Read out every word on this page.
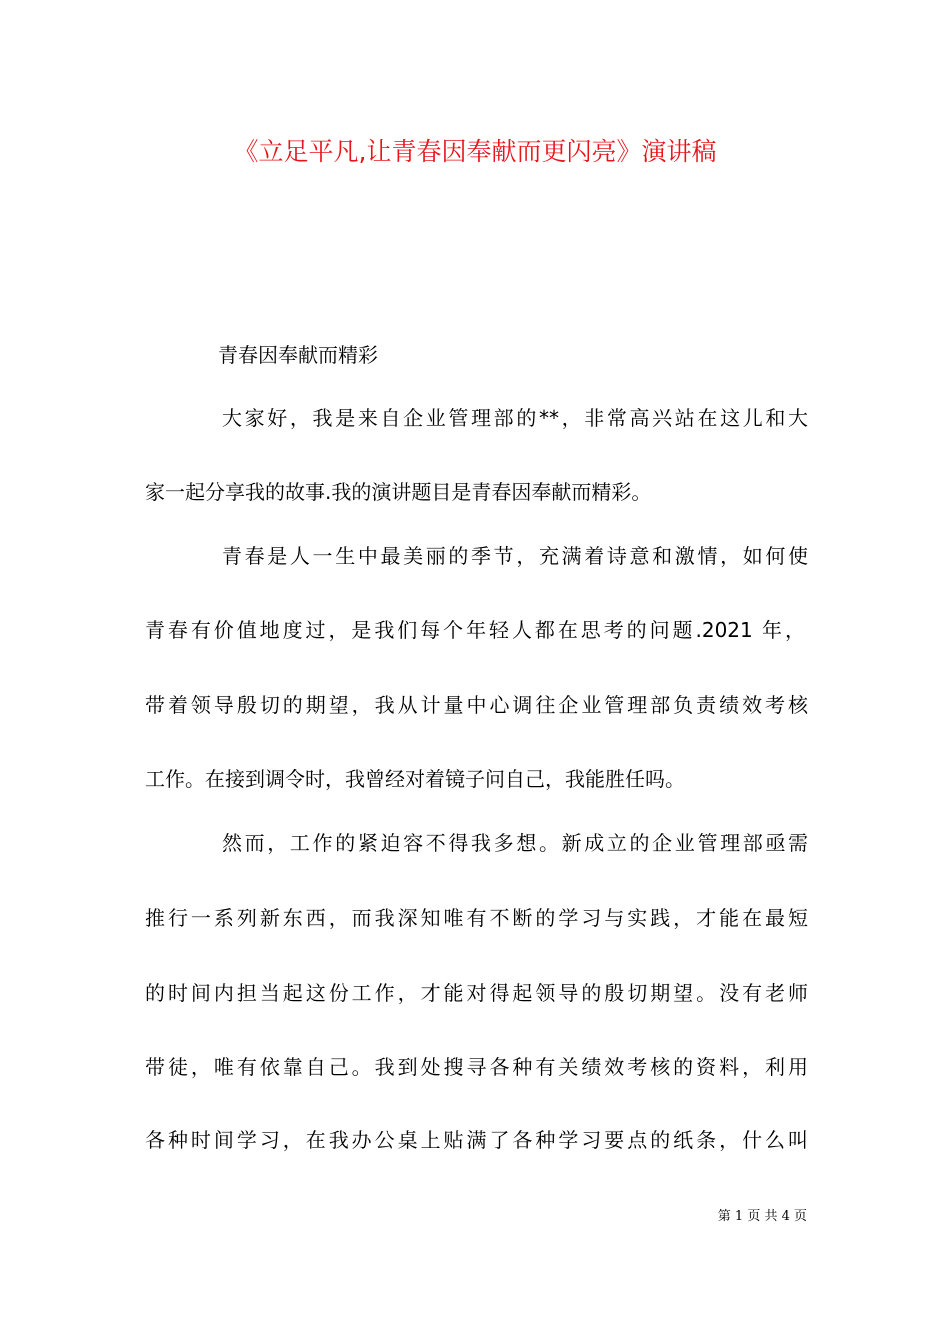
《立足平凡,让青春因奉献而更闪亮》演讲稿
青春因奉献而精彩
大家好，我是来自企业管理部的**，非常高兴站在这儿和大
家一起分享我的故事.我的演讲题目是青春因奉献而精彩。
青春是人一生中最美丽的季节，充满着诗意和激情，如何使
青春有价值地度过，是我们每个年轻人都在思考的问题.2021 年，
带着领导殷切的期望，我从计量中心调往企业管理部负责绩效考核
工作。在接到调令时，我曾经对着镜子问自己，我能胜任吗。
然而，工作的紧迫容不得我多想。新成立的企业管理部亟需
推行一系列新东西，而我深知唯有不断的学习与实践，才能在最短
的时间内担当起这份工作，才能对得起领导的殷切期望。没有老师
带徒，唯有依靠自己。我到处搜寻各种有关绩效考核的资料，利用
各种时间学习，在我办公桌上贴满了各种学习要点的纸条，什么叫
第 1 页 共 4 页
